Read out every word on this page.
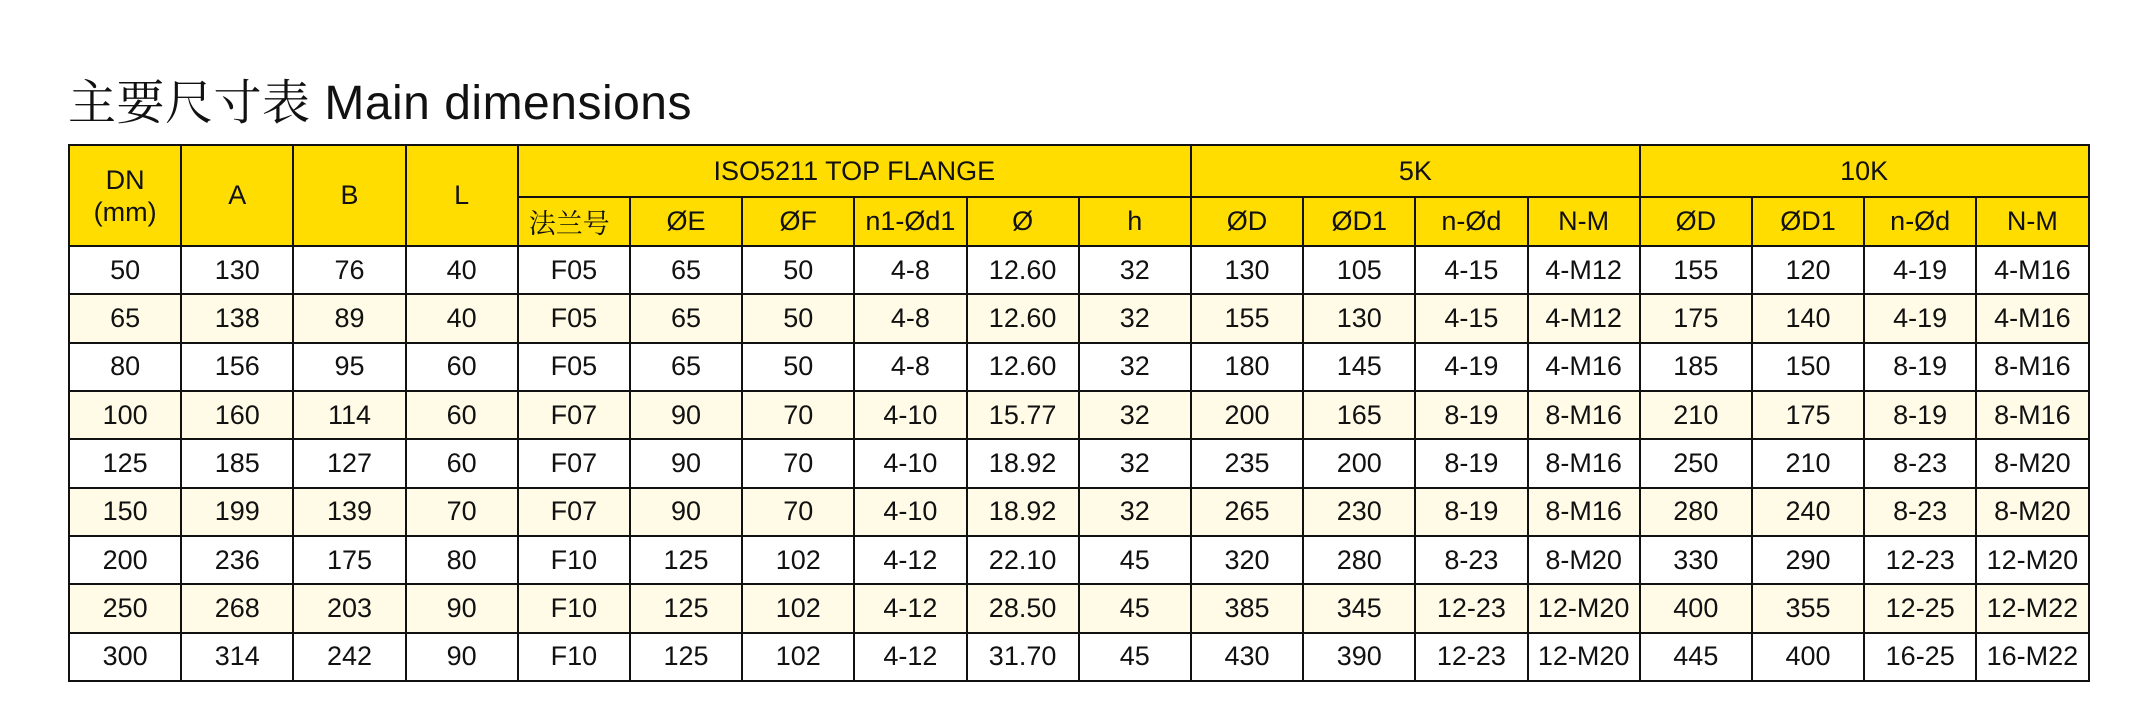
主要尺寸表 Main dimensions
DN
(mm)	A	B	L	ISO5211 TOP FLANGE						5K				10K			
				法兰号	ØE	ØF	n1-Ød1	Ø	h	ØD	ØD1	n-Ød	N-M	ØD	ØD1	n-Ød	N-M
50	130	76	40	F05	65	50	4-8	12.60	32	130	105	4-15	4-M12	155	120	4-19	4-M16
65	138	89	40	F05	65	50	4-8	12.60	32	155	130	4-15	4-M12	175	140	4-19	4-M16
80	156	95	60	F05	65	50	4-8	12.60	32	180	145	4-19	4-M16	185	150	8-19	8-M16
100	160	114	60	F07	90	70	4-10	15.77	32	200	165	8-19	8-M16	210	175	8-19	8-M16
125	185	127	60	F07	90	70	4-10	18.92	32	235	200	8-19	8-M16	250	210	8-23	8-M20
150	199	139	70	F07	90	70	4-10	18.92	32	265	230	8-19	8-M16	280	240	8-23	8-M20
200	236	175	80	F10	125	102	4-12	22.10	45	320	280	8-23	8-M20	330	290	12-23	12-M20
250	268	203	90	F10	125	102	4-12	28.50	45	385	345	12-23	12-M20	400	355	12-25	12-M22
300	314	242	90	F10	125	102	4-12	31.70	45	430	390	12-23	12-M20	445	400	16-25	16-M22
